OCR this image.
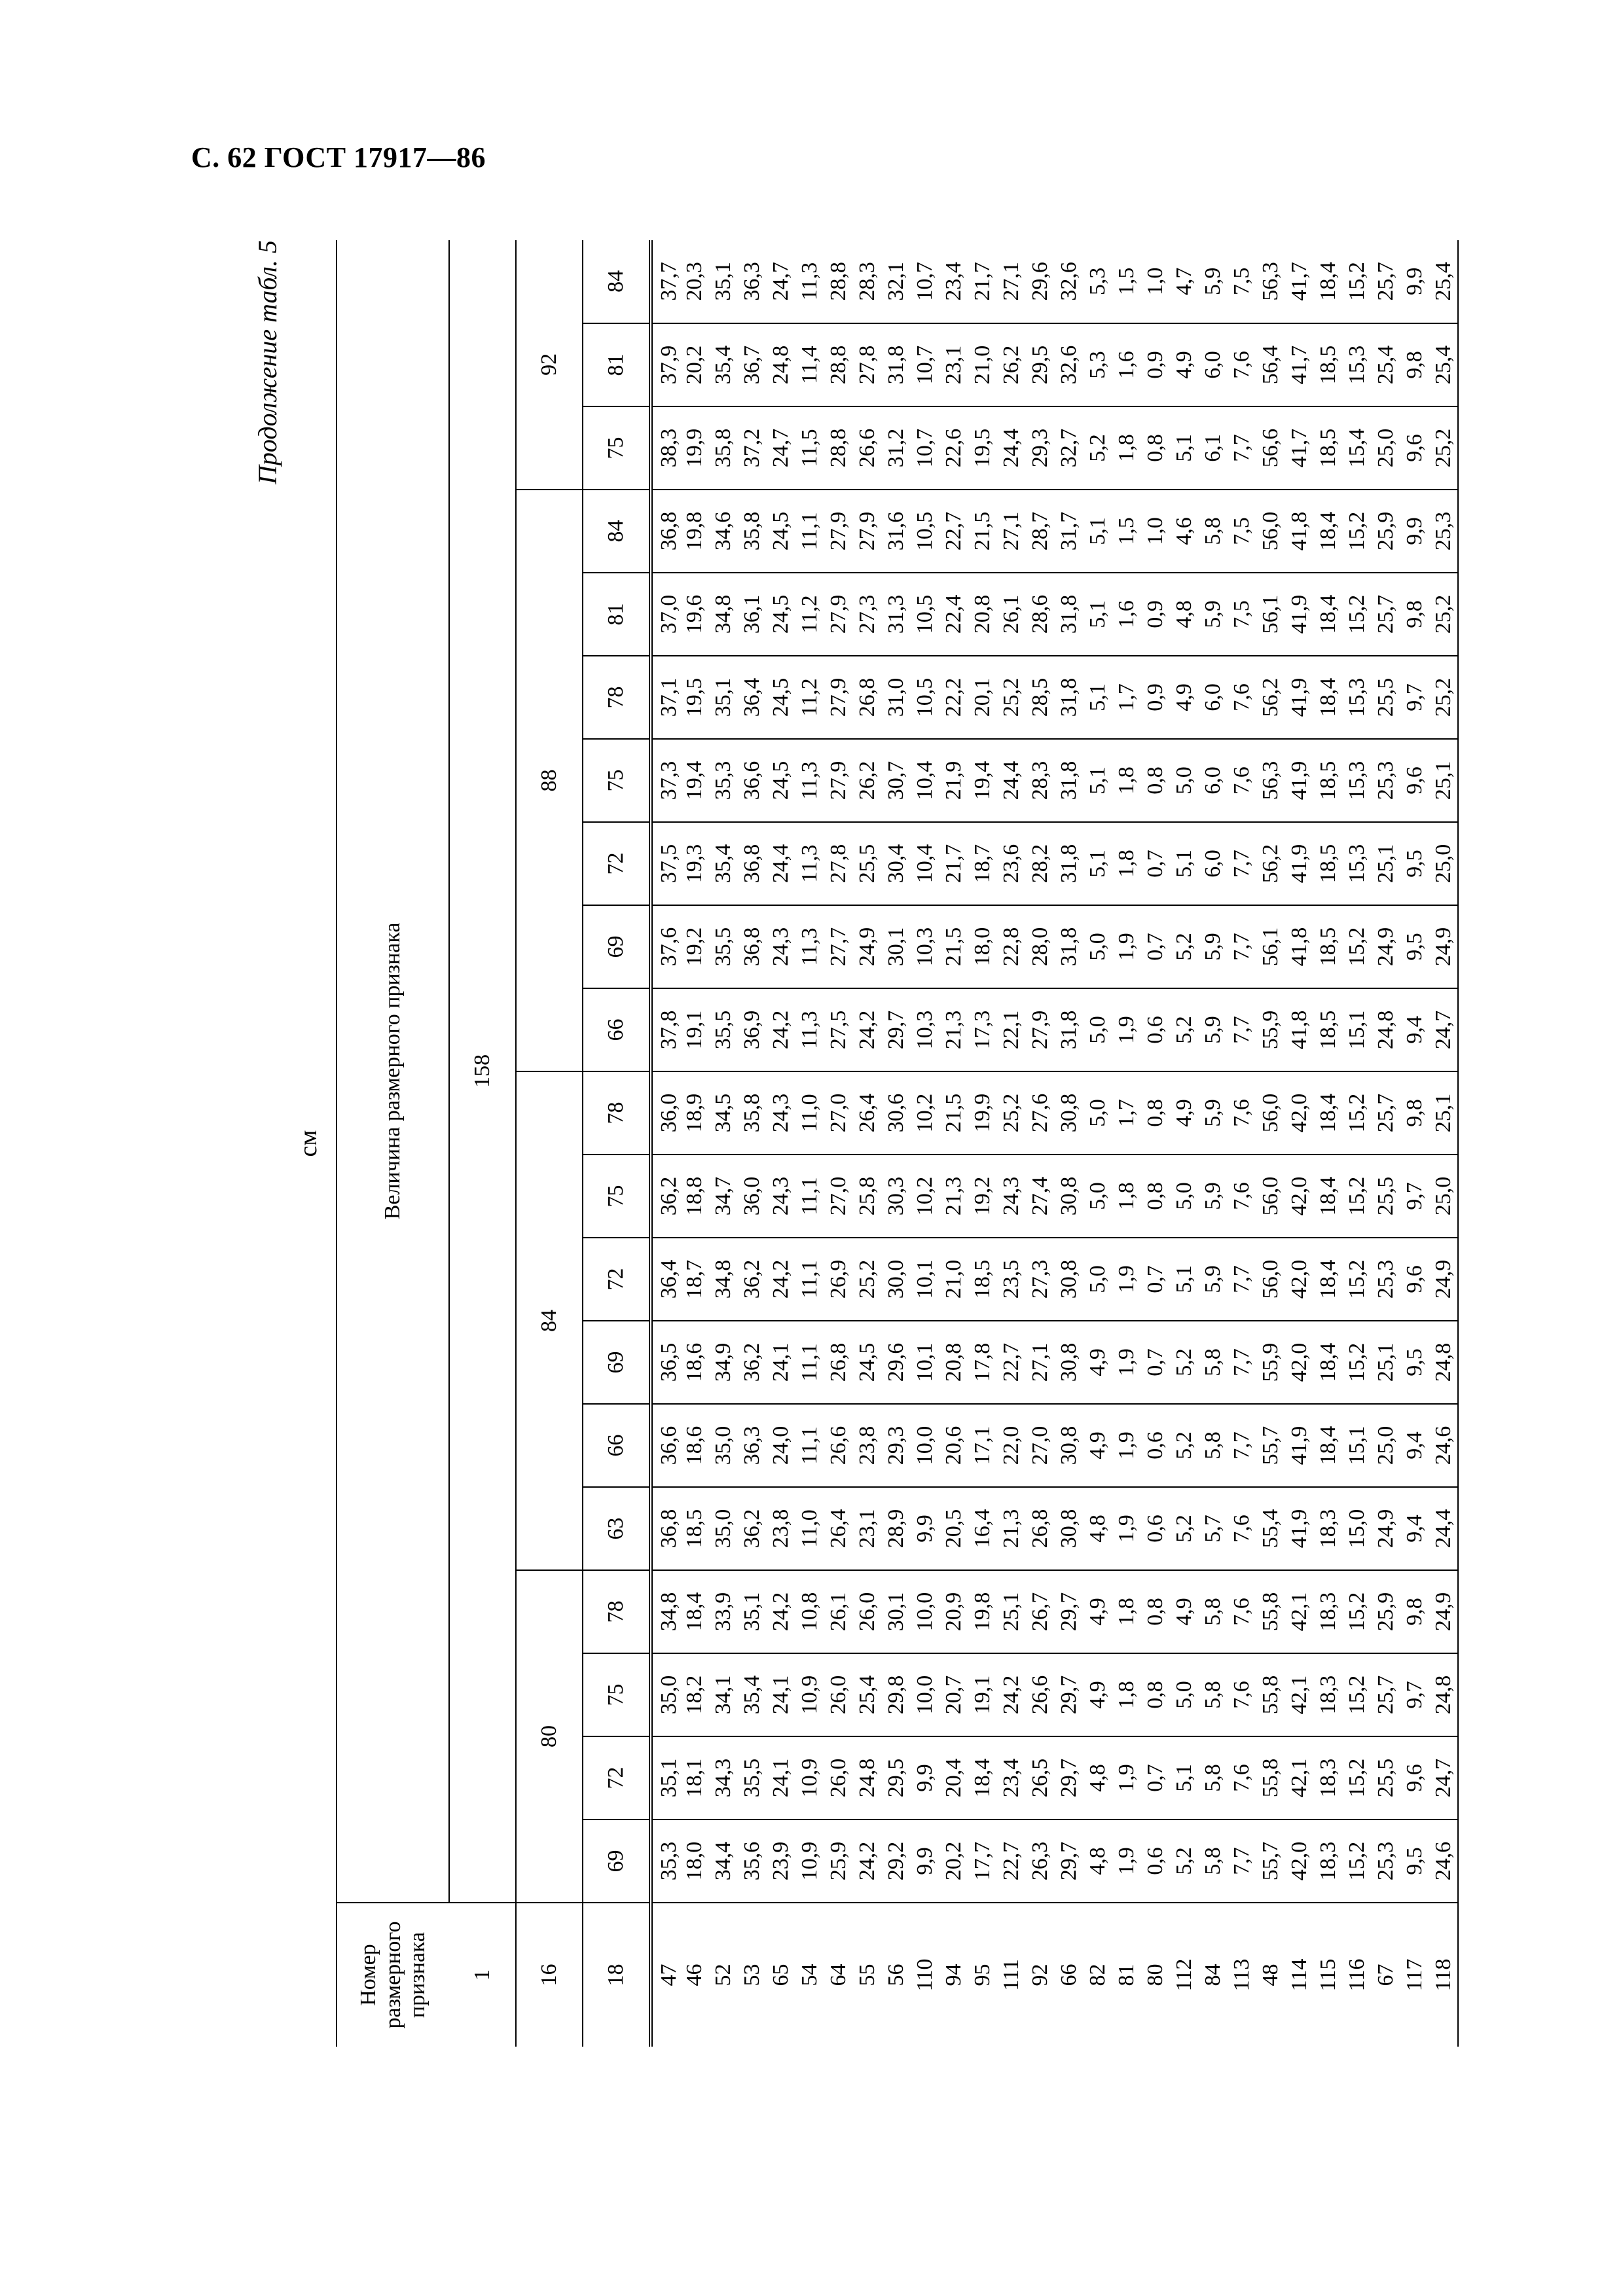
С. 62 ГОСТ 17917—86
Продолжение табл. 5
см
Номер размерного признака	Величина размерного признака																			
1	158																			
16	80				84						88							92		
18	69	72	75	78	63	66	69	72	75	78	66	69	72	75	78	81	84	75	81	84
47	35,3	35,1	35,0	34,8	36,8	36,6	36,5	36,4	36,2	36,0	37,8	37,6	37,5	37,3	37,1	37,0	36,8	38,3	37,9	37,7
46	18,0	18,1	18,2	18,4	18,5	18,6	18,6	18,7	18,8	18,9	19,1	19,2	19,3	19,4	19,5	19,6	19,8	19,9	20,2	20,3
52	34,4	34,3	34,1	33,9	35,0	35,0	34,9	34,8	34,7	34,5	35,5	35,5	35,4	35,3	35,1	34,8	34,6	35,8	35,4	35,1
53	35,6	35,5	35,4	35,1	36,2	36,3	36,2	36,2	36,0	35,8	36,9	36,8	36,8	36,6	36,4	36,1	35,8	37,2	36,7	36,3
65	23,9	24,1	24,1	24,2	23,8	24,0	24,1	24,2	24,3	24,3	24,2	24,3	24,4	24,5	24,5	24,5	24,5	24,7	24,8	24,7
54	10,9	10,9	10,9	10,8	11,0	11,1	11,1	11,1	11,1	11,0	11,3	11,3	11,3	11,3	11,2	11,2	11,1	11,5	11,4	11,3
64	25,9	26,0	26,0	26,1	26,4	26,6	26,8	26,9	27,0	27,0	27,5	27,7	27,8	27,9	27,9	27,9	27,9	28,8	28,8	28,8
55	24,2	24,8	25,4	26,0	23,1	23,8	24,5	25,2	25,8	26,4	24,2	24,9	25,5	26,2	26,8	27,3	27,9	26,6	27,8	28,3
56	29,2	29,5	29,8	30,1	28,9	29,3	29,6	30,0	30,3	30,6	29,7	30,1	30,4	30,7	31,0	31,3	31,6	31,2	31,8	32,1
110	9,9	9,9	10,0	10,0	9,9	10,0	10,1	10,1	10,2	10,2	10,3	10,3	10,4	10,4	10,5	10,5	10,5	10,7	10,7	10,7
94	20,2	20,4	20,7	20,9	20,5	20,6	20,8	21,0	21,3	21,5	21,3	21,5	21,7	21,9	22,2	22,4	22,7	22,6	23,1	23,4
95	17,7	18,4	19,1	19,8	16,4	17,1	17,8	18,5	19,2	19,9	17,3	18,0	18,7	19,4	20,1	20,8	21,5	19,5	21,0	21,7
111	22,7	23,4	24,2	25,1	21,3	22,0	22,7	23,5	24,3	25,2	22,1	22,8	23,6	24,4	25,2	26,1	27,1	24,4	26,2	27,1
92	26,3	26,5	26,6	26,7	26,8	27,0	27,1	27,3	27,4	27,6	27,9	28,0	28,2	28,3	28,5	28,6	28,7	29,3	29,5	29,6
66	29,7	29,7	29,7	29,7	30,8	30,8	30,8	30,8	30,8	30,8	31,8	31,8	31,8	31,8	31,8	31,8	31,7	32,7	32,6	32,6
82	4,8	4,8	4,9	4,9	4,8	4,9	4,9	5,0	5,0	5,0	5,0	5,0	5,1	5,1	5,1	5,1	5,1	5,2	5,3	5,3
81	1,9	1,9	1,8	1,8	1,9	1,9	1,9	1,9	1,8	1,7	1,9	1,9	1,8	1,8	1,7	1,6	1,5	1,8	1,6	1,5
80	0,6	0,7	0,8	0,8	0,6	0,6	0,7	0,7	0,8	0,8	0,6	0,7	0,7	0,8	0,9	0,9	1,0	0,8	0,9	1,0
112	5,2	5,1	5,0	4,9	5,2	5,2	5,2	5,1	5,0	4,9	5,2	5,2	5,1	5,0	4,9	4,8	4,6	5,1	4,9	4,7
84	5,8	5,8	5,8	5,8	5,7	5,8	5,8	5,9	5,9	5,9	5,9	5,9	6,0	6,0	6,0	5,9	5,8	6,1	6,0	5,9
113	7,7	7,6	7,6	7,6	7,6	7,7	7,7	7,7	7,6	7,6	7,7	7,7	7,7	7,6	7,6	7,5	7,5	7,7	7,6	7,5
48	55,7	55,8	55,8	55,8	55,4	55,7	55,9	56,0	56,0	56,0	55,9	56,1	56,2	56,3	56,2	56,1	56,0	56,6	56,4	56,3
114	42,0	42,1	42,1	42,1	41,9	41,9	42,0	42,0	42,0	42,0	41,8	41,8	41,9	41,9	41,9	41,9	41,8	41,7	41,7	41,7
115	18,3	18,3	18,3	18,3	18,3	18,4	18,4	18,4	18,4	18,4	18,5	18,5	18,5	18,5	18,4	18,4	18,4	18,5	18,5	18,4
116	15,2	15,2	15,2	15,2	15,0	15,1	15,2	15,2	15,2	15,2	15,1	15,2	15,3	15,3	15,3	15,2	15,2	15,4	15,3	15,2
67	25,3	25,5	25,7	25,9	24,9	25,0	25,1	25,3	25,5	25,7	24,8	24,9	25,1	25,3	25,5	25,7	25,9	25,0	25,4	25,7
117	9,5	9,6	9,7	9,8	9,4	9,4	9,5	9,6	9,7	9,8	9,4	9,5	9,5	9,6	9,7	9,8	9,9	9,6	9,8	9,9
118	24,6	24,7	24,8	24,9	24,4	24,6	24,8	24,9	25,0	25,1	24,7	24,9	25,0	25,1	25,2	25,2	25,3	25,2	25,4	25,4
